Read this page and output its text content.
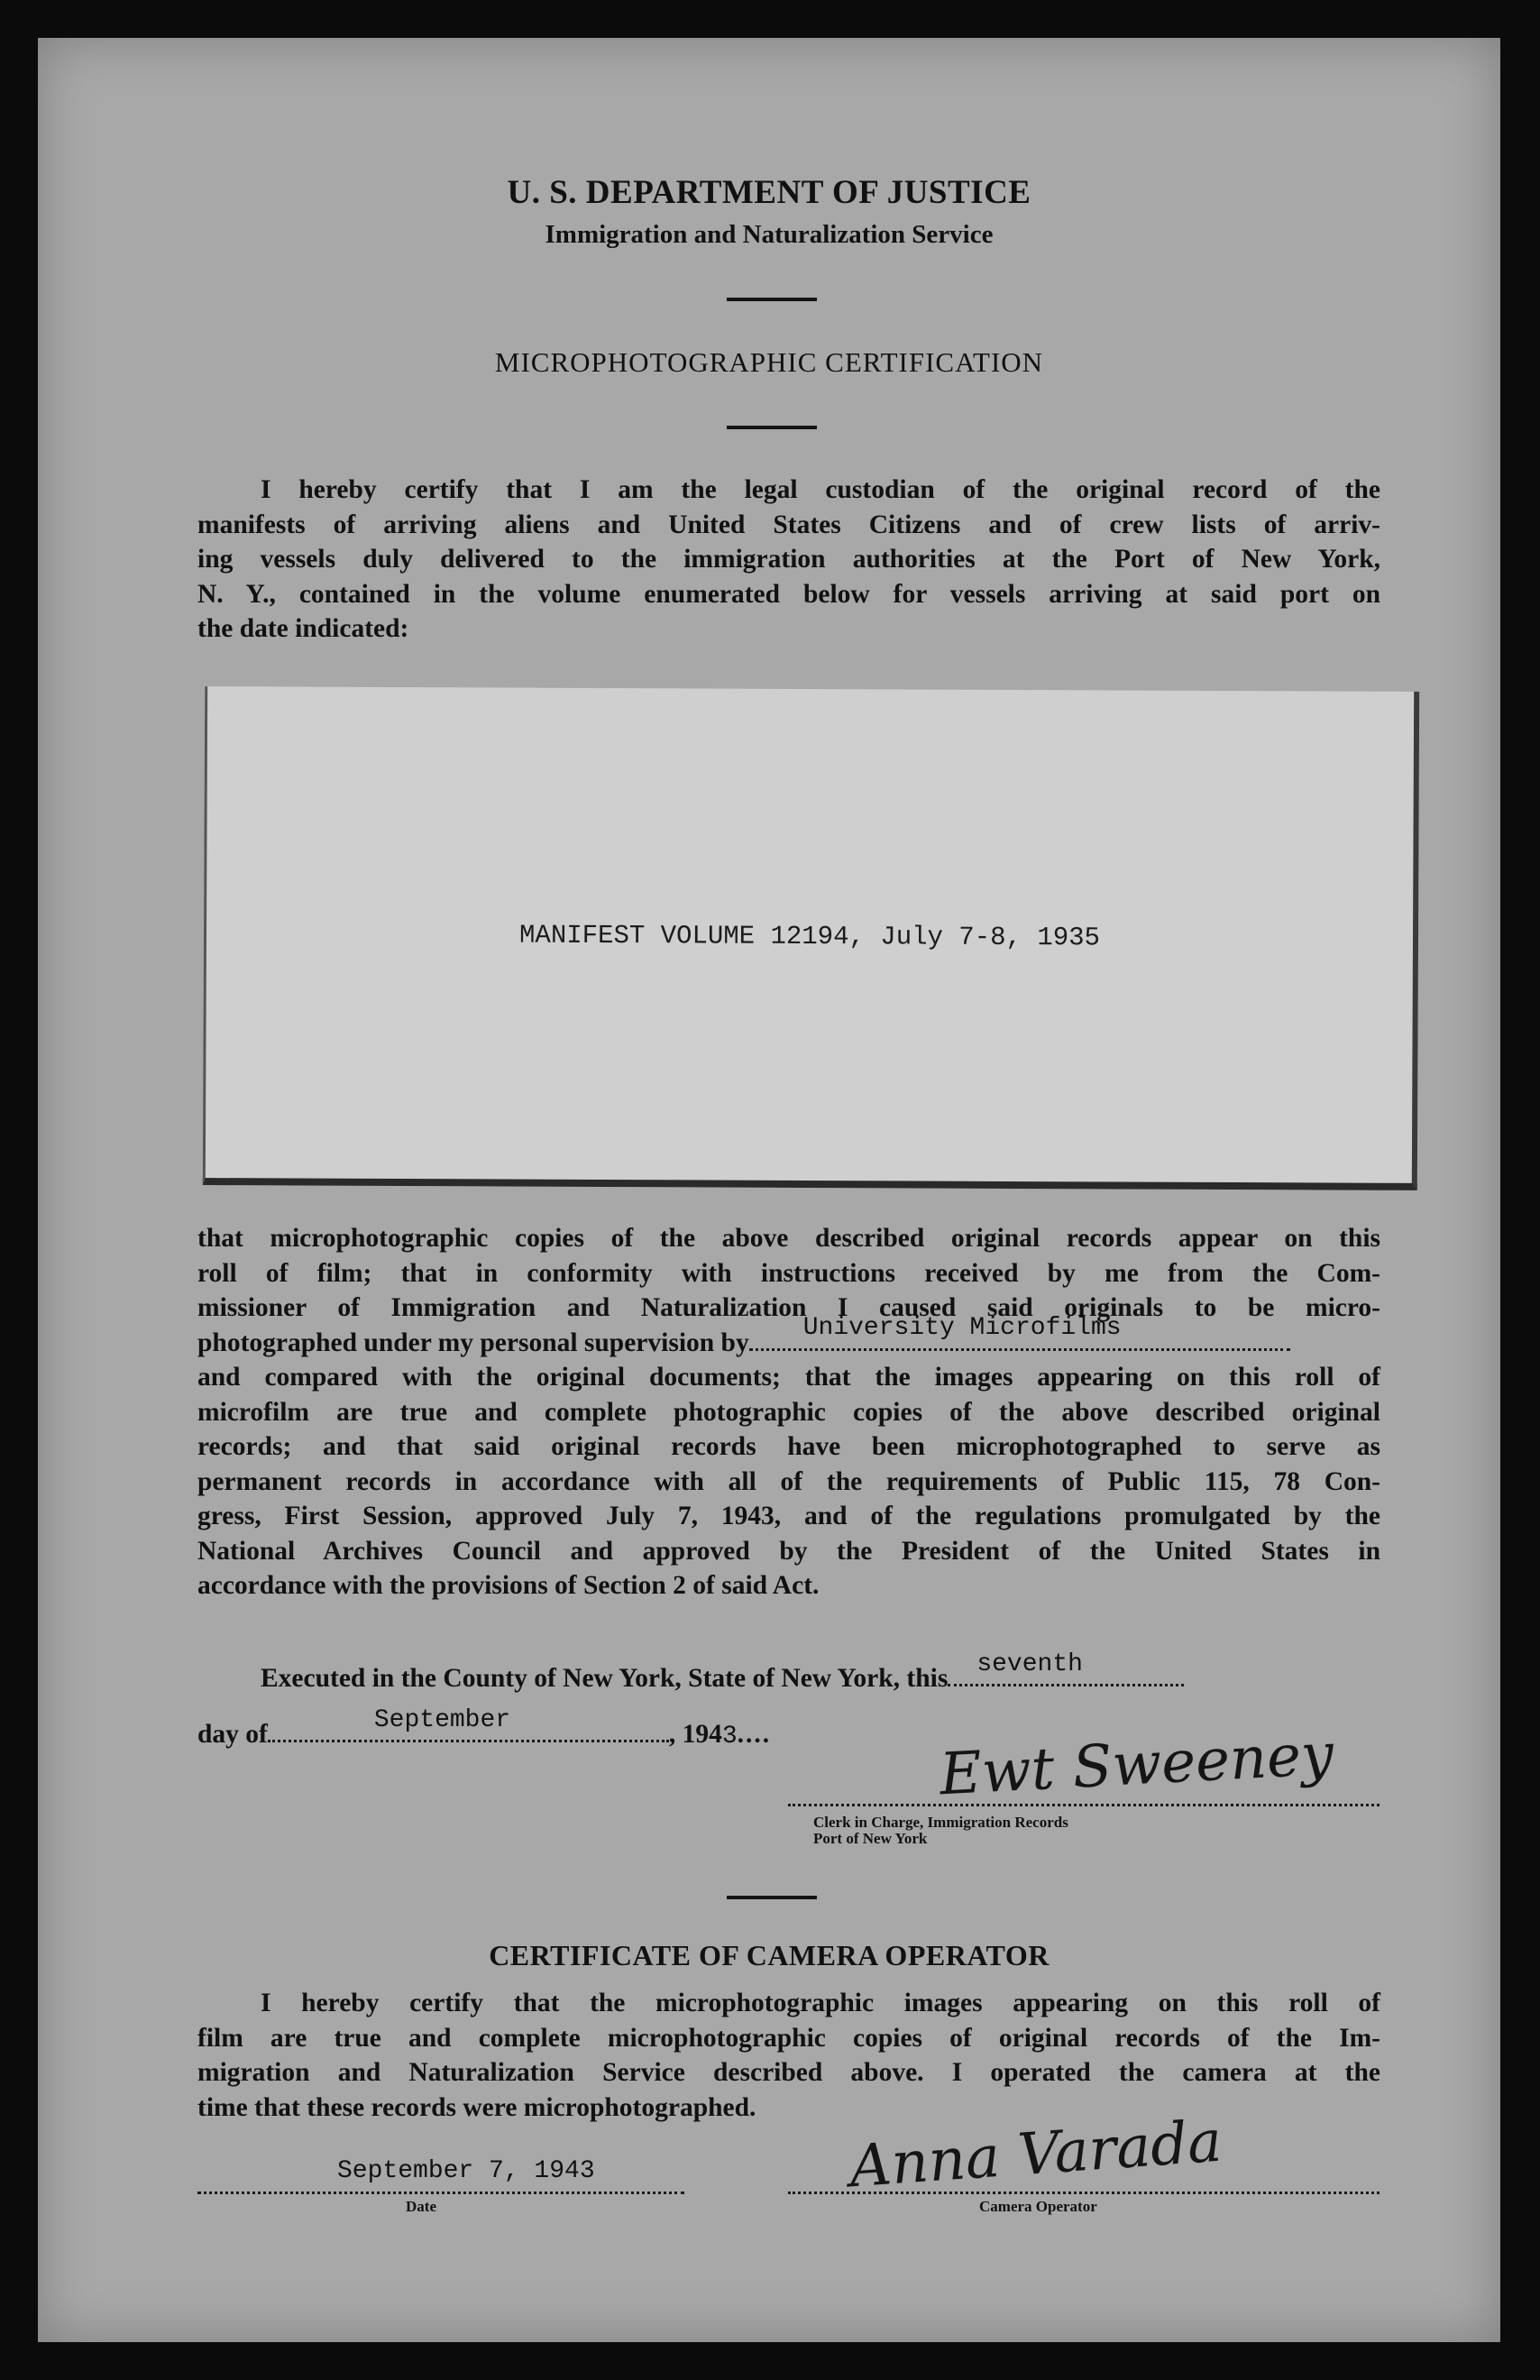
U. S. DEPARTMENT OF JUSTICE
Immigration and Naturalization Service
MICROPHOTOGRAPHIC CERTIFICATION
I hereby certify that I am the legal custodian of the original record of the
manifests of arriving aliens and United States Citizens and of crew lists of arriv-
ing vessels duly delivered to the immigration authorities at the Port of New York,
N. Y., contained in the volume enumerated below for vessels arriving at said port on
the date indicated:
MANIFEST VOLUME 12194, July 7-8, 1935
that microphotographic copies of the above described original records appear on this
roll of film; that in conformity with instructions received by me from the Com-
missioner of Immigration and Naturalization I caused said originals to be micro-
photographed under my personal supervision by University Microfilms
and compared with the original documents; that the images appearing on this roll of
microfilm are true and complete photographic copies of the above described original
records; and that said original records have been microphotographed to serve as
permanent records in accordance with all of the requirements of Public 115, 78 Con-
gress, First Session, approved July 7, 1943, and of the regulations promulgated by the
National Archives Council and approved by the President of the United States in
accordance with the provisions of Section 2 of said Act.
Executed in the County of New York, State of New York, this seventh
day of	September	, 1943....	Ewt Sweeney
Clerk in Charge, Immigration Records
Port of New York
CERTIFICATE OF CAMERA OPERATOR
I hereby certify that the microphotographic images appearing on this roll of
film are true and complete microphotographic copies of original records of the Im-
migration and Naturalization Service described above. I operated the camera at the
time that these records were microphotographed.
September 7, 1943
Date
Anna Varada
Camera Operator
